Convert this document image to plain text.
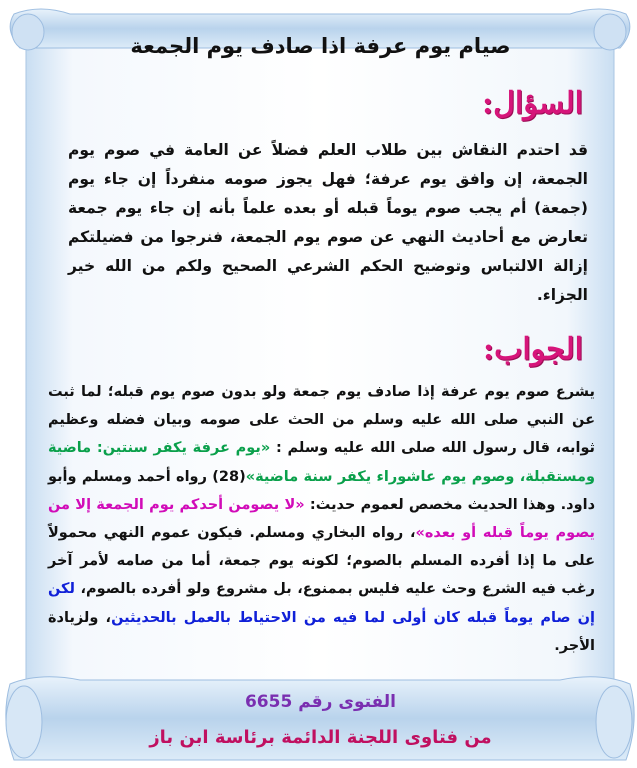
صيام يوم عرفة اذا صادف يوم الجمعة
السؤال:
قد احتدم النقاش بين طلاب العلم فضلاً عن العامة في صوم يوم الجمعة، إن وافق يوم عرفة؛ فهل يجوز صومه منفرداً إن جاء يوم (جمعة) أم يجب صوم يوماً قبله أو بعده علماً بأنه إن جاء يوم جمعة تعارض مع أحاديث النهي عن صوم يوم الجمعة، فنرجوا من فضيلتكم إزالة الالتباس وتوضيح الحكم الشرعي الصحيح ولكم من الله خير الجزاء.
الجواب:
يشرع صوم يوم عرفة إذا صادف يوم جمعة ولو بدون صوم يوم قبله؛ لما ثبت عن النبي صلى الله عليه وسلم من الحث على صومه وبيان فضله وعظيم ثوابه، قال رسول الله صلى الله عليه وسلم : «يوم عرفة يكفر سنتين: ماضية ومستقبلة، وصوم يوم عاشوراء يكفر سنة ماضية»(28) رواه أحمد ومسلم وأبو داود. وهذا الحديث مخصص لعموم حديث: «لا يصومن أحدكم يوم الجمعة إلا من يصوم يوماً قبله أو بعده»، رواه البخاري ومسلم. فيكون عموم النهي محمولاً على ما إذا أفرده المسلم بالصوم؛ لكونه يوم جمعة، أما من صامه لأمر آخر رغب فيه الشرع وحث عليه فليس بممنوع، بل مشروع ولو أفرده بالصوم، لكن إن صام يوماً قبله كان أولى لما فيه من الاحتياط بالعمل بالحديثين، ولزيادة الأجر.
الفتوى رقم 6655
من فتاوى اللجنة الدائمة برئاسة ابن باز
